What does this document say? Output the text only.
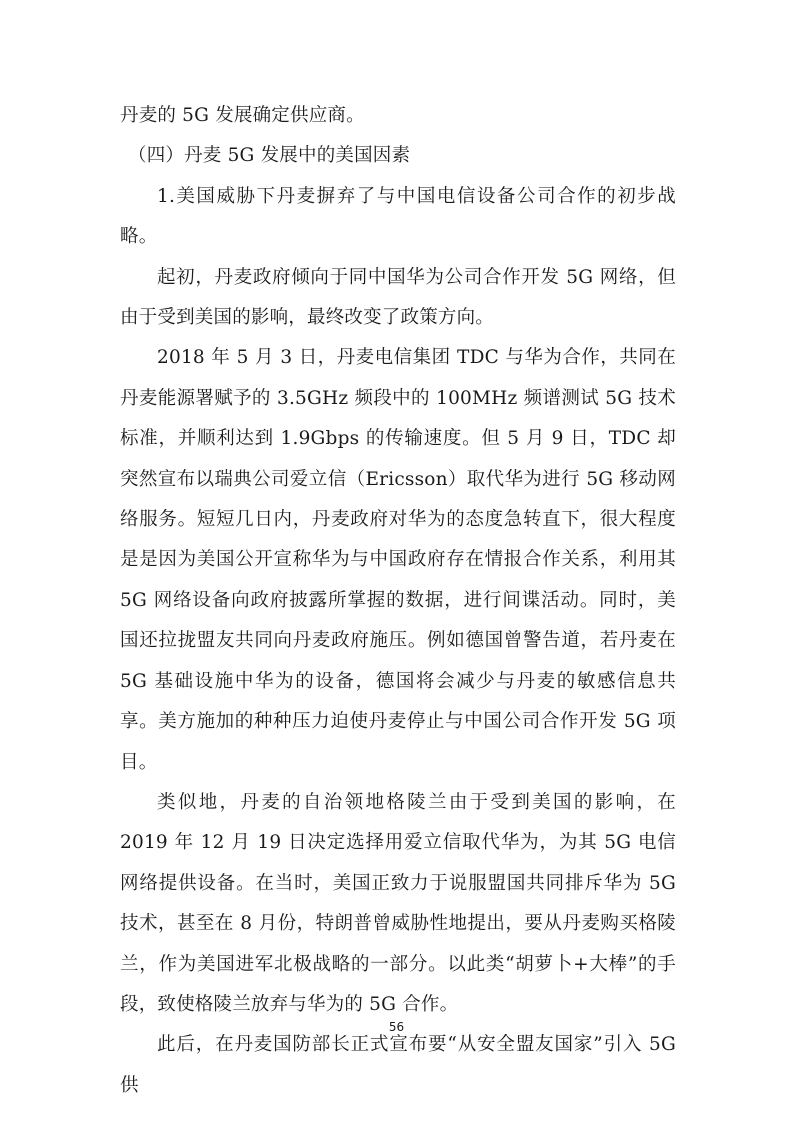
丹麦的 5G 发展确定供应商。

（四）丹麦 5G 发展中的美国因素

1.美国威胁下丹麦摒弃了与中国电信设备公司合作的初步战略。

起初，丹麦政府倾向于同中国华为公司合作开发 5G 网络，但由于受到美国的影响，最终改变了政策方向。

2018 年 5 月 3 日，丹麦电信集团 TDC 与华为合作，共同在丹麦能源署赋予的 3.5GHz 频段中的 100MHz 频谱测试 5G 技术标准，并顺利达到 1.9Gbps 的传输速度。但 5 月 9 日，TDC 却突然宣布以瑞典公司爱立信（Ericsson）取代华为进行 5G 移动网络服务。短短几日内，丹麦政府对华为的态度急转直下，很大程度是是因为美国公开宣称华为与中国政府存在情报合作关系，利用其 5G 网络设备向政府披露所掌握的数据，进行间谍活动。同时，美国还拉拢盟友共同向丹麦政府施压。例如德国曾警告道，若丹麦在 5G 基础设施中华为的设备，德国将会减少与丹麦的敏感信息共享。美方施加的种种压力迫使丹麦停止与中国公司合作开发 5G 项目。

类似地，丹麦的自治领地格陵兰由于受到美国的影响，在 2019 年 12 月 19 日决定选择用爱立信取代华为，为其 5G 电信网络提供设备。在当时，美国正致力于说服盟国共同排斥华为 5G 技术，甚至在 8 月份，特朗普曾威胁性地提出，要从丹麦购买格陵兰，作为美国进军北极战略的一部分。以此类“胡萝卜+大棒”的手段，致使格陵兰放弃与华为的 5G 合作。

此后，在丹麦国防部长正式宣布要“从安全盟友国家”引入 5G 供

56
